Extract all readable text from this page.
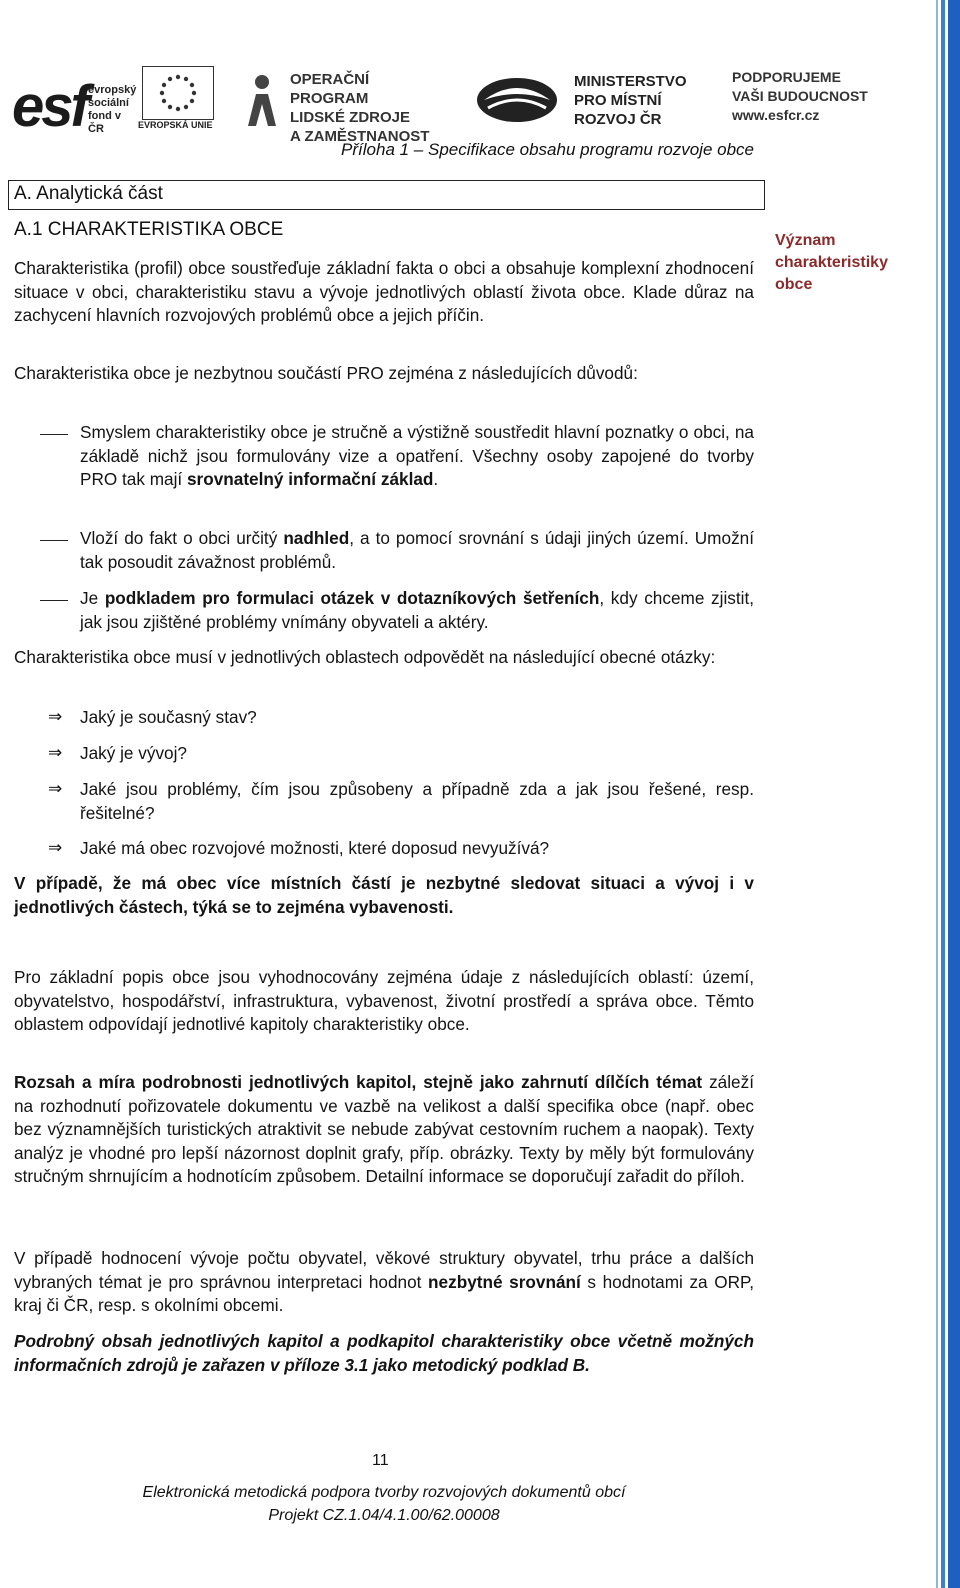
esf evropský
sociální
fond v ČR	EVROPSKÁ UNIE
OPERAČNÍ PROGRAM
LIDSKÉ ZDROJE
A ZAMĚSTNANOST
MINISTERSTVO
PRO MÍSTNÍ
ROZVOJ ČR
PODPORUJEME
VAŠI BUDOUCNOST
www.esfcr.cz
Příloha 1 – Specifikace obsahu programu rozvoje obce
A. Analytická část
A.1 CHARAKTERISTIKA OBCE
Význam
charakteristiky
obce
Charakteristika (profil) obce soustřeďuje základní fakta o obci a obsahuje komplexní zhodnocení situace v obci, charakteristiku stavu a vývoje jednotlivých oblastí života obce. Klade důraz na zachycení hlavních rozvojových problémů obce a jejich příčin.
Charakteristika obce je nezbytnou součástí PRO zejména z následujících důvodů:
Smyslem charakteristiky obce je stručně a výstižně soustředit hlavní poznatky o obci, na základě nichž jsou formulovány vize a opatření. Všechny osoby zapojené do tvorby PRO tak mají srovnatelný informační základ.
Vloží do fakt o obci určitý nadhled, a to pomocí srovnání s údaji jiných území. Umožní tak posoudit závažnost problémů.
Je podkladem pro formulaci otázek v dotazníkových šetřeních, kdy chceme zjistit, jak jsou zjištěné problémy vnímány obyvateli a aktéry.
Charakteristika obce musí v jednotlivých oblastech odpovědět na následující obecné otázky:
⇒ Jaký je současný stav?
⇒ Jaký je vývoj?
⇒ Jaké jsou problémy, čím jsou způsobeny a případně zda a jak jsou řešené, resp. řešitelné?
⇒ Jaké má obec rozvojové možnosti, které doposud nevyužívá?
V případě, že má obec více místních částí je nezbytné sledovat situaci a vývoj i v jednotlivých částech, týká se to zejména vybavenosti.
Pro základní popis obce jsou vyhodnocovány zejména údaje z následujících oblastí: území, obyvatelstvo, hospodářství, infrastruktura, vybavenost, životní prostředí a správa obce. Těmto oblastem odpovídají jednotlivé kapitoly charakteristiky obce.
Rozsah a míra podrobnosti jednotlivých kapitol, stejně jako zahrnutí dílčích témat záleží na rozhodnutí pořizovatele dokumentu ve vazbě na velikost a další specifika obce (např. obec bez významnějších turistických atraktivit se nebude zabývat cestovním ruchem a naopak). Texty analýz je vhodné pro lepší názornost doplnit grafy, příp. obrázky. Texty by měly být formulovány stručným shrnujícím a hodnotícím způsobem. Detailní informace se doporučují zařadit do příloh.
V případě hodnocení vývoje počtu obyvatel, věkové struktury obyvatel, trhu práce a dalších vybraných témat je pro správnou interpretaci hodnot nezbytné srovnání s hodnotami za ORP, kraj či ČR, resp. s okolními obcemi.
Podrobný obsah jednotlivých kapitol a podkapitol charakteristiky obce včetně možných informačních zdrojů je zařazen v příloze 3.1 jako metodický podklad B.
11
Elektronická metodická podpora tvorby rozvojových dokumentů obcí
Projekt CZ.1.04/4.1.00/62.00008
